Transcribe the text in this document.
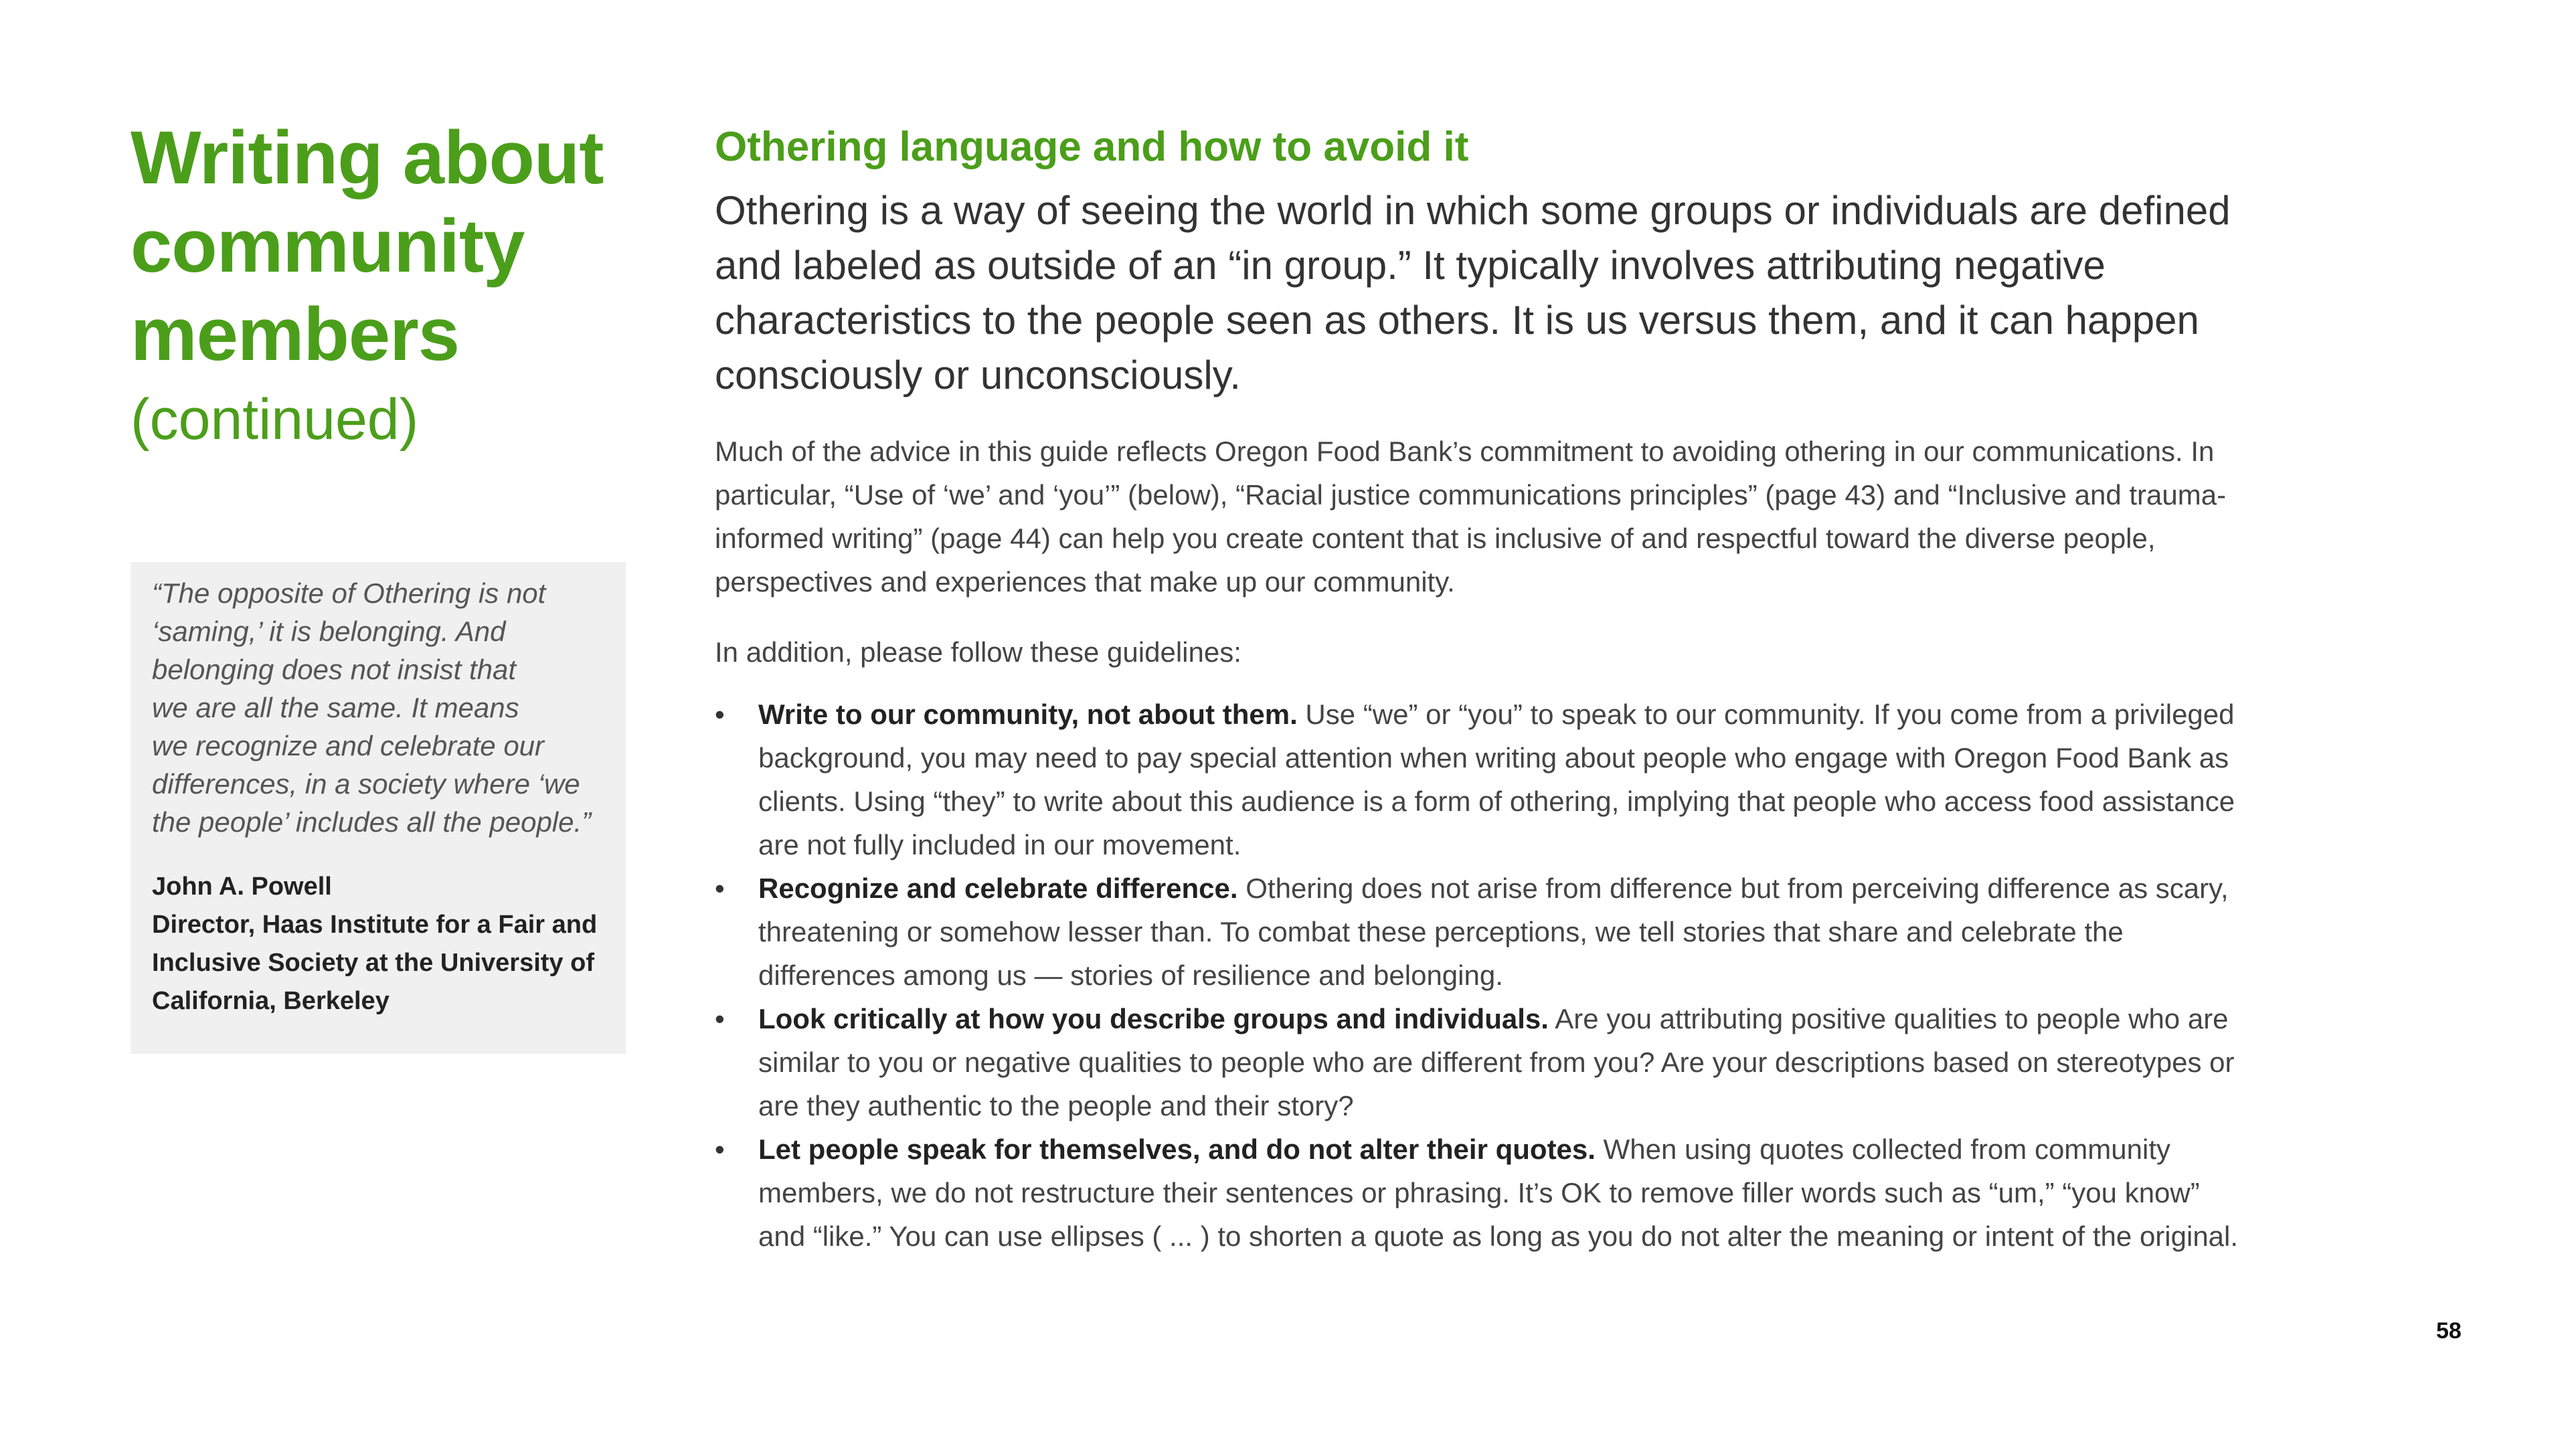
Writing about
community
members
(continued)

“The opposite of Othering is not
‘saming,’ it is belonging. And
belonging does not insist that
we are all the same. It means
we recognize and celebrate our
differences, in a society where ‘we
the people’ includes all the people.”

John A. Powell
Director, Haas Institute for a Fair and
Inclusive Society at the University of
California, Berkeley
Othering language and how to avoid it

Othering is a way of seeing the world in which some groups or individuals are defined and labeled as outside of an “in group.” It typically involves attributing negative characteristics to the people seen as others. It is us versus them, and it can happen consciously or unconsciously.

Much of the advice in this guide reflects Oregon Food Bank’s commitment to avoiding othering in our communications. In particular, “Use of ‘we’ and ‘you’” (below), “Racial justice communications principles” (page 43) and “Inclusive and trauma-informed writing” (page 44) can help you create content that is inclusive of and respectful toward the diverse people, perspectives and experiences that make up our community.

In addition, please follow these guidelines:

• Write to our community, not about them. Use “we” or “you” to speak to our community. If you come from a privileged background, you may need to pay special attention when writing about people who engage with Oregon Food Bank as clients. Using “they” to write about this audience is a form of othering, implying that people who access food assistance are not fully included in our movement.
• Recognize and celebrate difference. Othering does not arise from difference but from perceiving difference as scary, threatening or somehow lesser than. To combat these perceptions, we tell stories that share and celebrate the differences among us — stories of resilience and belonging.
• Look critically at how you describe groups and individuals. Are you attributing positive qualities to people who are similar to you or negative qualities to people who are different from you? Are your descriptions based on stereotypes or are they authentic to the people and their story?
• Let people speak for themselves, and do not alter their quotes. When using quotes collected from community members, we do not restructure their sentences or phrasing. It’s OK to remove filler words such as “um,” “you know” and “like.” You can use ellipses ( ... ) to shorten a quote as long as you do not alter the meaning or intent of the original.
58
